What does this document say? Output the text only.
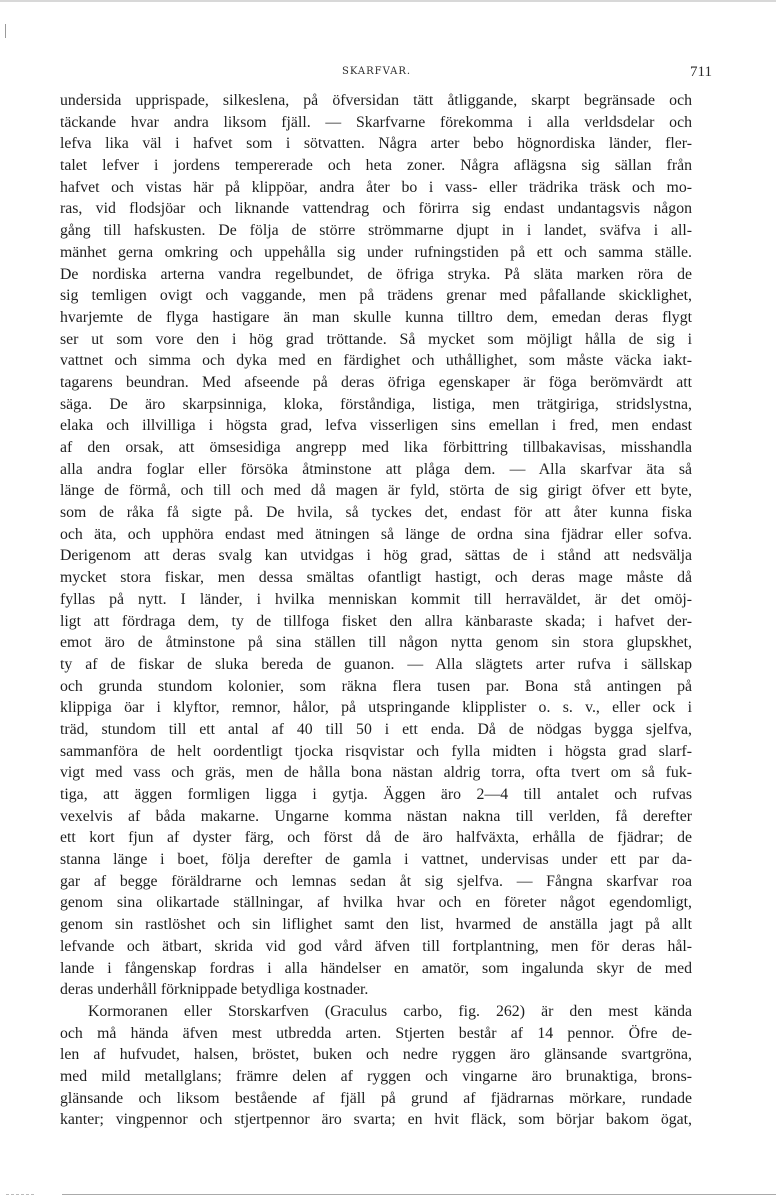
SKARFVAR.	711
undersida upprispade, silkeslena, på öfversidan tätt åtliggande, skarpt begränsade och
täckande hvar andra liksom fjäll. — Skarfvarne förekomma i alla verldsdelar och
lefva lika väl i hafvet som i sötvatten. Några arter bebo högnordiska länder, fler-
talet lefver i jordens tempererade och heta zoner. Några aflägsna sig sällan från
hafvet och vistas här på klippöar, andra åter bo i vass- eller trädrika träsk och mo-
ras, vid flodsjöar och liknande vattendrag och förirra sig endast undantagsvis någon
gång till hafskusten. De följa de större strömmarne djupt in i landet, sväfva i all-
mänhet gerna omkring och uppehålla sig under rufningstiden på ett och samma ställe.
De nordiska arterna vandra regelbundet, de öfriga stryka. På släta marken röra de
sig temligen ovigt och vaggande, men på trädens grenar med påfallande skicklighet,
hvarjemte de flyga hastigare än man skulle kunna tilltro dem, emedan deras flygt
ser ut som vore den i hög grad tröttande. Så mycket som möjligt hålla de sig i
vattnet och simma och dyka med en färdighet och uthållighet, som måste väcka iakt-
tagarens beundran. Med afseende på deras öfriga egenskaper är föga berömvärdt att
säga. De äro skarpsinniga, kloka, förståndiga, listiga, men trätgiriga, stridslystna,
elaka och illvilliga i högsta grad, lefva visserligen sins emellan i fred, men endast
af den orsak, att ömsesidiga angrepp med lika förbittring tillbakavisas, misshandla
alla andra foglar eller försöka åtminstone att plåga dem. — Alla skarfvar äta så
länge de förmå, och till och med då magen är fyld, störta de sig girigt öfver ett byte,
som de råka få sigte på. De hvila, så tyckes det, endast för att åter kunna fiska
och äta, och upphöra endast med ätningen så länge de ordna sina fjädrar eller sofva.
Derigenom att deras svalg kan utvidgas i hög grad, sättas de i stånd att nedsvälja
mycket stora fiskar, men dessa smältas ofantligt hastigt, och deras mage måste då
fyllas på nytt. I länder, i hvilka menniskan kommit till herraväldet, är det omöj-
ligt att fördraga dem, ty de tillfoga fisket den allra känbaraste skada; i hafvet der-
emot äro de åtminstone på sina ställen till någon nytta genom sin stora glupskhet,
ty af de fiskar de sluka bereda de guanon. — Alla slägtets arter rufva i sällskap
och grunda stundom kolonier, som räkna flera tusen par. Bona stå antingen på
klippiga öar i klyftor, remnor, hålor, på utspringande klipplister o. s. v., eller ock i
träd, stundom till ett antal af 40 till 50 i ett enda. Då de nödgas bygga sjelfva,
sammanföra de helt oordentligt tjocka risqvistar och fylla midten i högsta grad slarf-
vigt med vass och gräs, men de hålla bona nästan aldrig torra, ofta tvert om så fuk-
tiga, att äggen formligen ligga i gytja. Äggen äro 2—4 till antalet och rufvas
vexelvis af båda makarne. Ungarne komma nästan nakna till verlden, få derefter
ett kort fjun af dyster färg, och först då de äro halfväxta, erhålla de fjädrar; de
stanna länge i boet, följa derefter de gamla i vattnet, undervisas under ett par da-
gar af begge föräldrarne och lemnas sedan åt sig sjelfva. — Fångna skarfvar roa
genom sina olikartade ställningar, af hvilka hvar och en företer något egendomligt,
genom sin rastlöshet och sin liflighet samt den list, hvarmed de anställa jagt på allt
lefvande och ätbart, skrida vid god vård äfven till fortplantning, men för deras hål-
lande i fångenskap fordras i alla händelser en amatör, som ingalunda skyr de med
deras underhåll förknippade betydliga kostnader.
Kormoranen eller Storskarfven (Graculus carbo, fig. 262) är den mest kända
och må hända äfven mest utbredda arten. Stjerten består af 14 pennor. Öfre de-
len af hufvudet, halsen, bröstet, buken och nedre ryggen äro glänsande svartgröna,
med mild metallglans; främre delen af ryggen och vingarne äro brunaktiga, brons-
glänsande och liksom bestående af fjäll på grund af fjädrarnas mörkare, rundade
kanter; vingpennor och stjertpennor äro svarta; en hvit fläck, som börjar bakom ögat,
